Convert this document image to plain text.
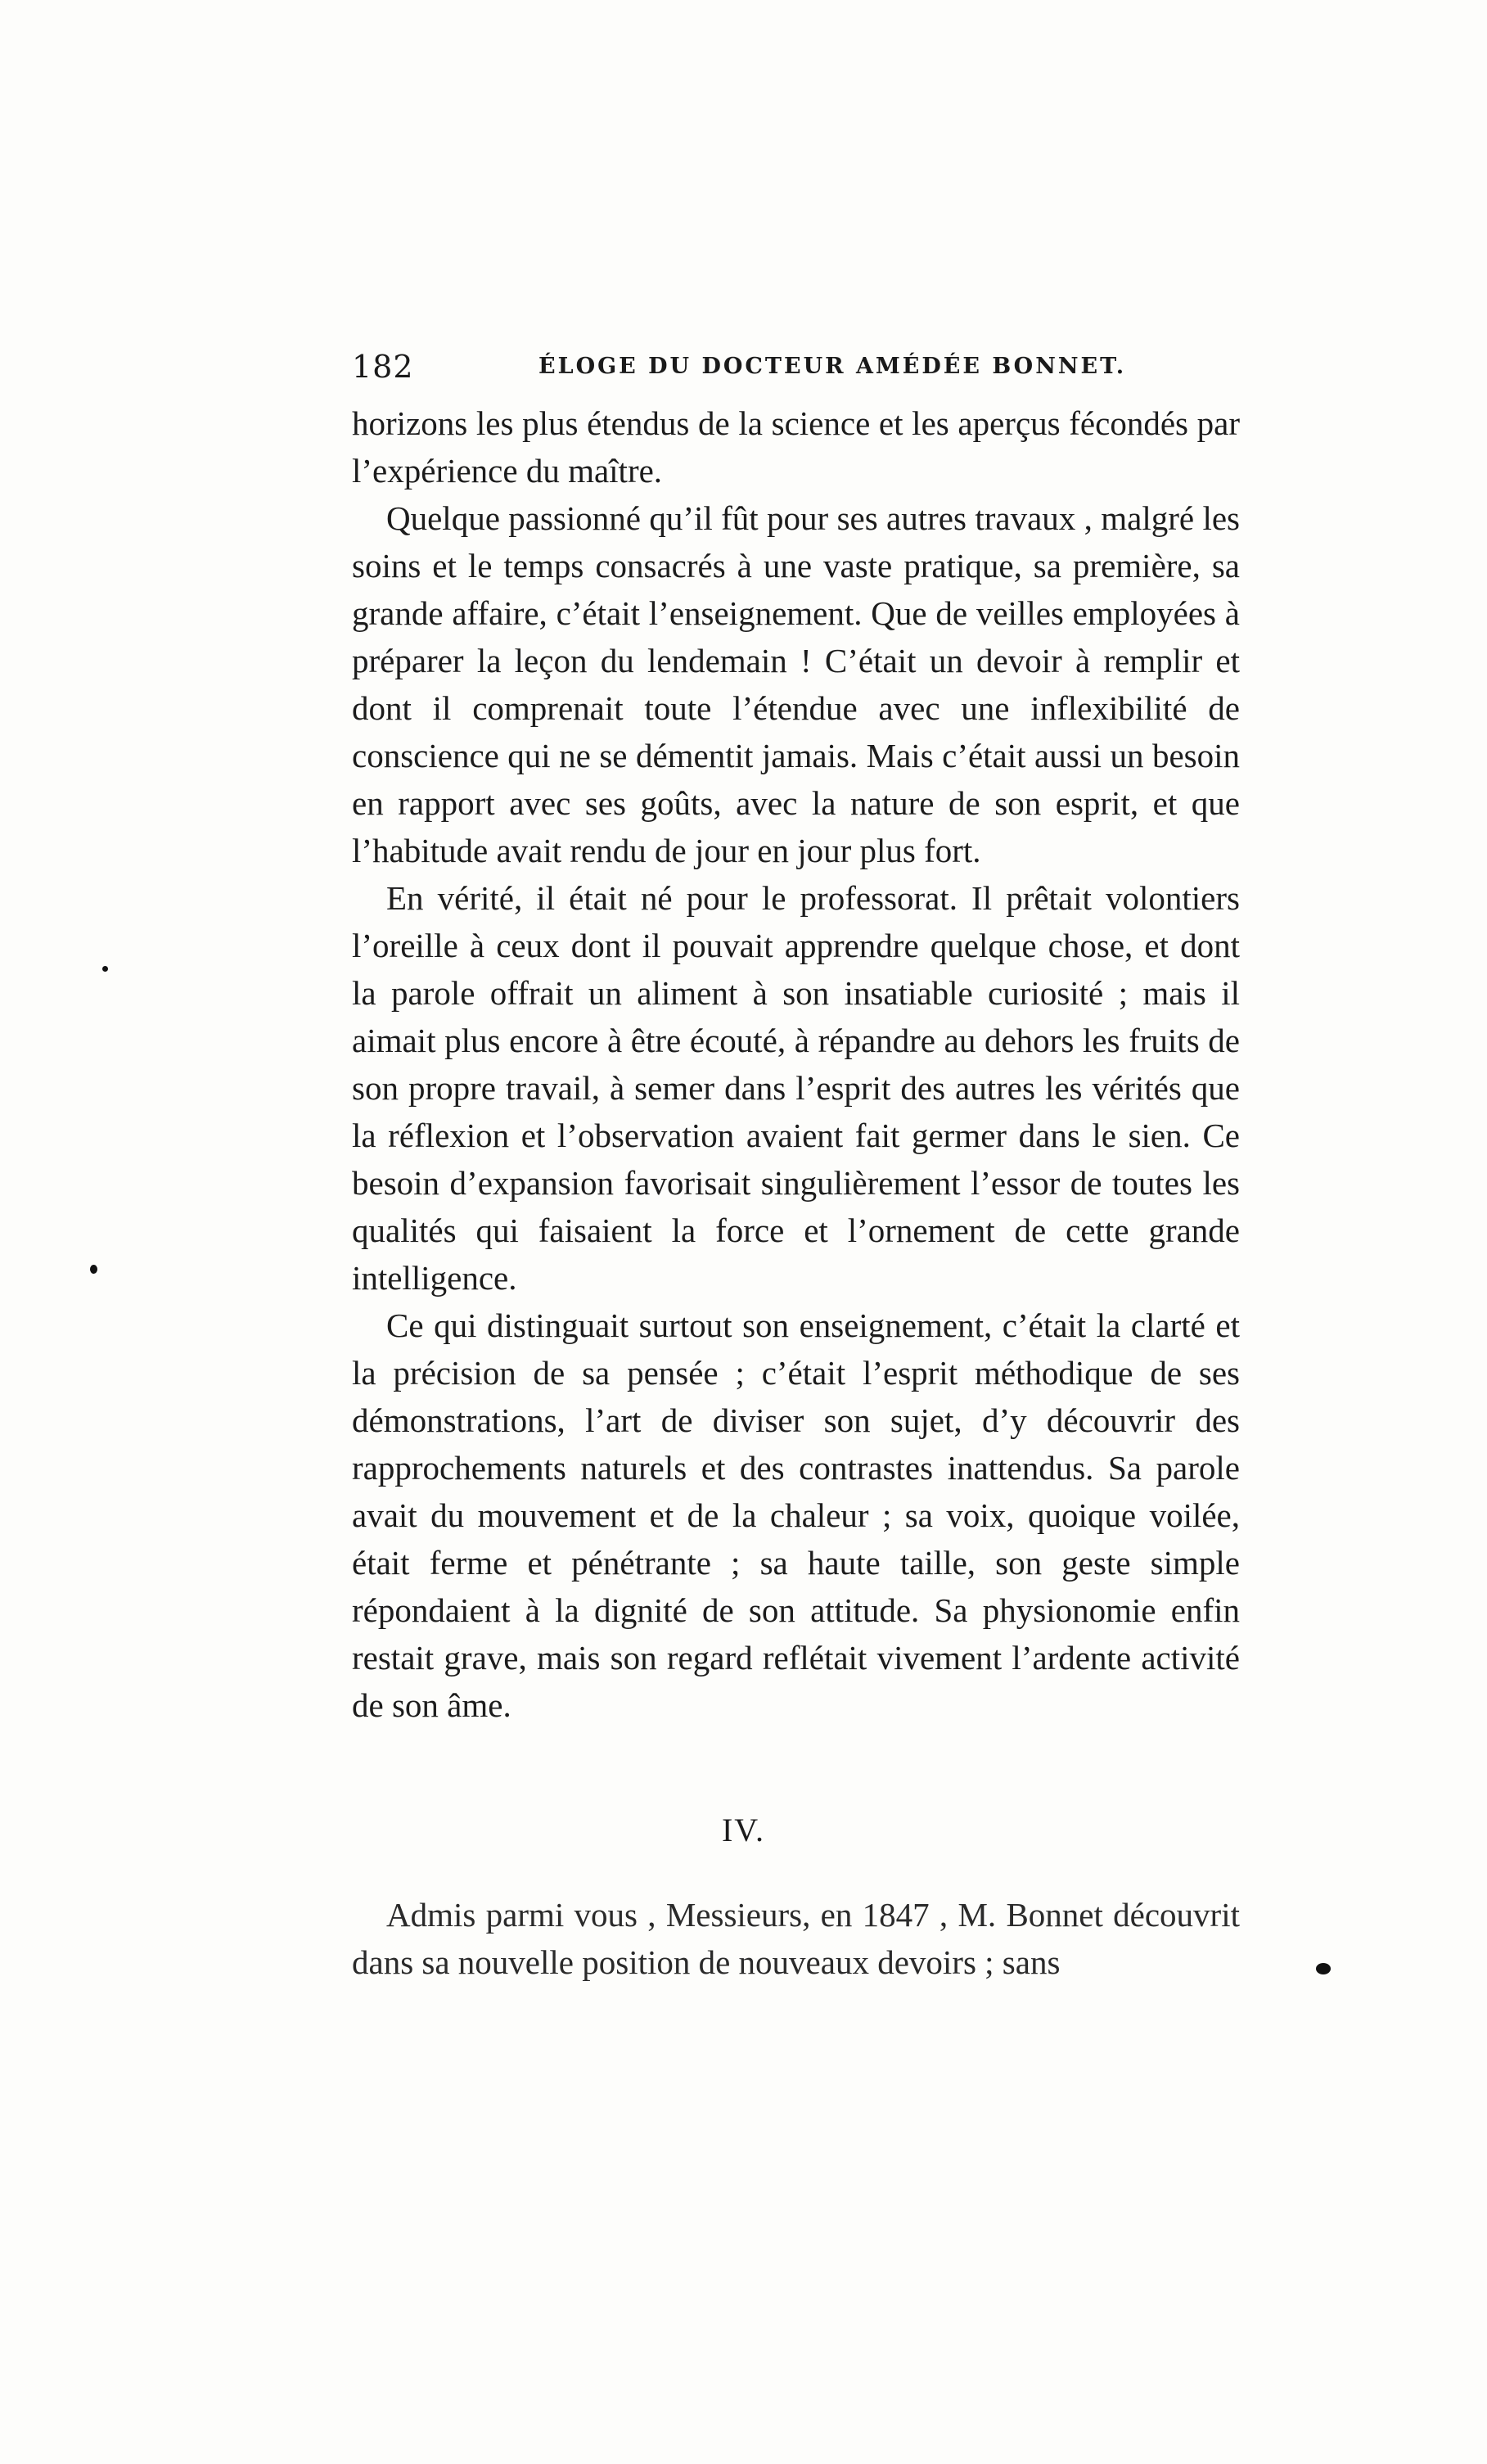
182	ÉLOGE DU DOCTEUR AMÉDÉE BONNET.

horizons les plus étendus de la science et les aperçus fécondés par l’expérience du maître.

Quelque passionné qu’il fût pour ses autres travaux , malgré les soins et le temps consacrés à une vaste pratique, sa première, sa grande affaire, c’était l’enseignement. Que de veilles employées à préparer la leçon du lendemain ! C’était un devoir à remplir et dont il comprenait toute l’étendue avec une inflexibilité de conscience qui ne se démentit jamais. Mais c’était aussi un besoin en rapport avec ses goûts, avec la nature de son esprit, et que l’habitude avait rendu de jour en jour plus fort.

En vérité, il était né pour le professorat. Il prêtait volontiers l’oreille à ceux dont il pouvait apprendre quelque chose, et dont la parole offrait un aliment à son insatiable curiosité ; mais il aimait plus encore à être écouté, à répandre au dehors les fruits de son propre travail, à semer dans l’esprit des autres les vérités que la réflexion et l’observation avaient fait germer dans le sien. Ce besoin d’expansion favorisait singulièrement l’essor de toutes les qualités qui faisaient la force et l’ornement de cette grande intelligence.

Ce qui distinguait surtout son enseignement, c’était la clarté et la précision de sa pensée ; c’était l’esprit méthodique de ses démonstrations, l’art de diviser son sujet, d’y découvrir des rapprochements naturels et des contrastes inattendus. Sa parole avait du mouvement et de la chaleur ; sa voix, quoique voilée, était ferme et pénétrante ; sa haute taille, son geste simple répondaient à la dignité de son attitude. Sa physionomie enfin restait grave, mais son regard reflétait vivement l’ardente activité de son âme.

IV.

Admis parmi vous , Messieurs, en 1847 , M. Bonnet découvrit dans sa nouvelle position de nouveaux devoirs ; sans
